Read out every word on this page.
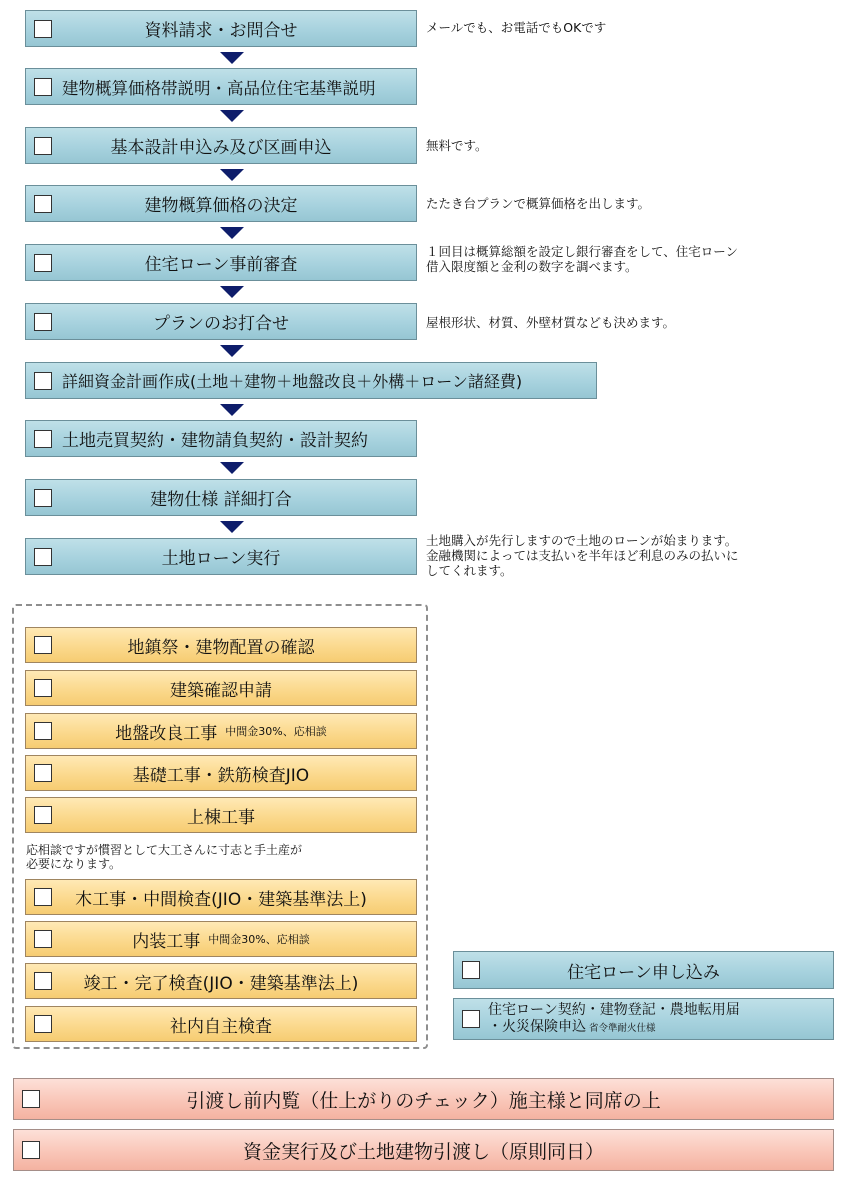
資料請求・お問合せ	メールでも、お電話でもOKです
建物概算価格帯説明・高品位住宅基準説明
基本設計申込み及び区画申込	無料です。
建物概算価格の決定	たたき台プランで概算価格を出します。
住宅ローン事前審査
１回目は概算総額を設定し銀行審査をして、住宅ローン
借入限度額と金利の数字を調べます。
プランのお打合せ	屋根形状、材質、外壁材質なども決めます。
詳細資金計画作成(土地＋建物＋地盤改良＋外構＋ローン諸経費)
土地売買契約・建物請負契約・設計契約
建物仕様 詳細打合
土地ローン実行
土地購入が先行しますので土地のローンが始まります。
金融機関によっては支払いを半年ほど利息のみの払いに
してくれます。
地鎮祭・建物配置の確認
建築確認申請
地盤改良工事 中間金30%、応相談
基礎工事・鉄筋検査JIO
上棟工事
応相談ですが慣習として大工さんに寸志と手土産が
必要になります。
木工事・中間検査(JIO・建築基準法上)
内装工事 中間金30%、応相談
竣工・完了検査(JIO・建築基準法上)
社内自主検査
住宅ローン申し込み
住宅ローン契約・建物登記・農地転用届
・火災保険申込 省令準耐火仕様
引渡し前内覧（仕上がりのチェック）施主様と同席の上
資金実行及び土地建物引渡し（原則同日）
